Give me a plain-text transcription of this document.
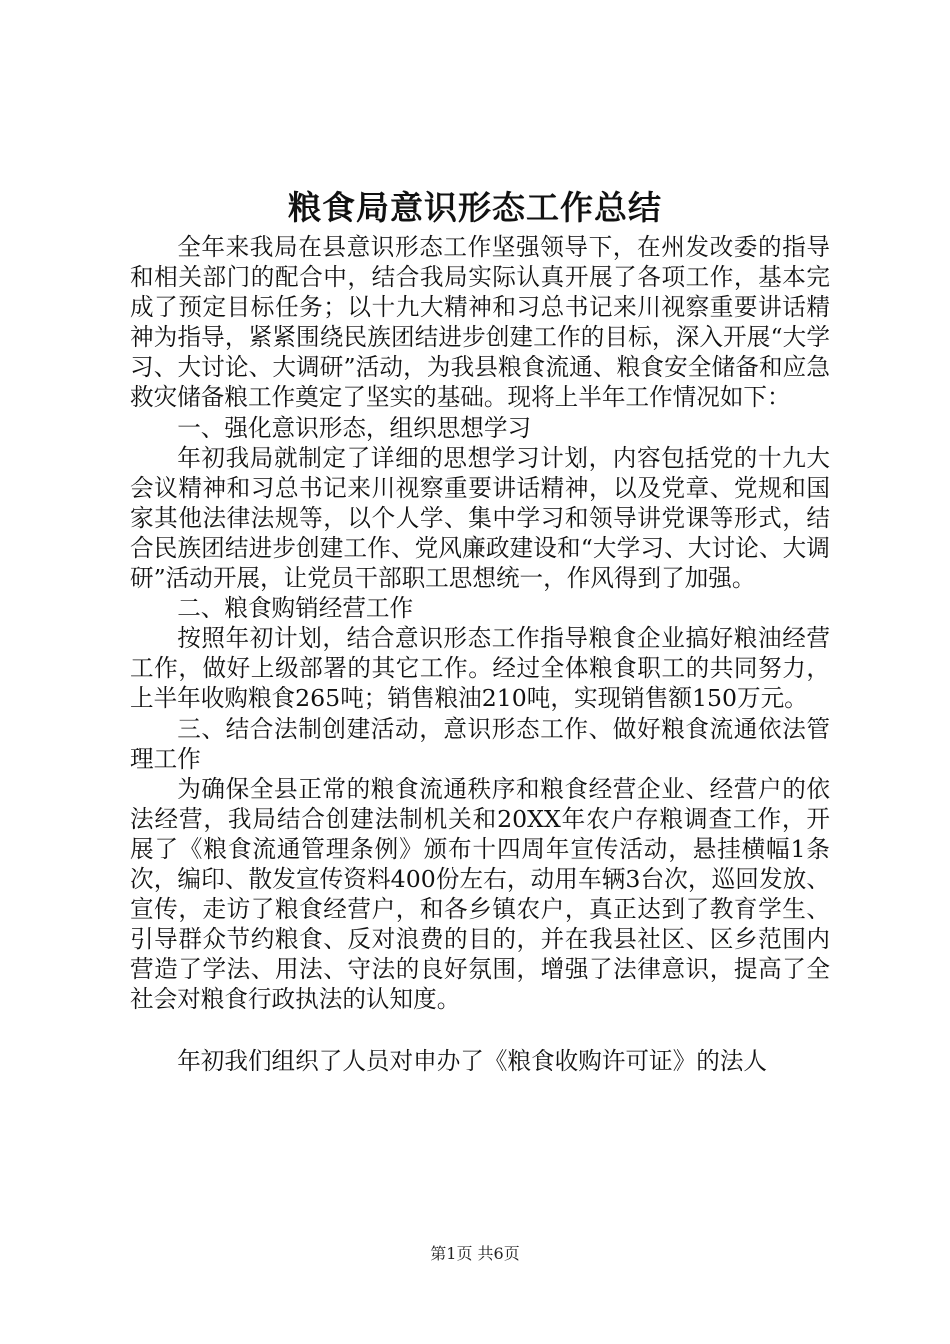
粮食局意识形态工作总结

全年来我局在县意识形态工作坚强领导下，在州发改委的指导和相关部门的配合中，结合我局实际认真开展了各项工作，基本完成了预定目标任务；以十九大精神和习总书记来川视察重要讲话精神为指导，紧紧围绕民族团结进步创建工作的目标，深入开展“大学习、大讨论、大调研”活动，为我县粮食流通、粮食安全储备和应急救灾储备粮工作奠定了坚实的基础。现将上半年工作情况如下：

一、强化意识形态，组织思想学习

年初我局就制定了详细的思想学习计划，内容包括党的十九大会议精神和习总书记来川视察重要讲话精神，以及党章、党规和国家其他法律法规等，以个人学、集中学习和领导讲党课等形式，结合民族团结进步创建工作、党风廉政建设和“大学习、大讨论、大调研”活动开展，让党员干部职工思想统一，作风得到了加强。

二、粮食购销经营工作

按照年初计划，结合意识形态工作指导粮食企业搞好粮油经营工作，做好上级部署的其它工作。经过全体粮食职工的共同努力，上半年收购粮食265吨；销售粮油210吨，实现销售额150万元。

三、结合法制创建活动，意识形态工作、做好粮食流通依法管理工作

为确保全县正常的粮食流通秩序和粮食经营企业、经营户的依法经营，我局结合创建法制机关和20XX年农户存粮调查工作，开展了《粮食流通管理条例》颁布十四周年宣传活动，悬挂横幅1条次，编印、散发宣传资料400份左右，动用车辆3台次，巡回发放、宣传，走访了粮食经营户，和各乡镇农户，真正达到了教育学生、引导群众节约粮食、反对浪费的目的，并在我县社区、区乡范围内营造了学法、用法、守法的良好氛围，增强了法律意识，提高了全社会对粮食行政执法的认知度。

年初我们组织了人员对申办了《粮食收购许可证》的法人

第1页 共6页
